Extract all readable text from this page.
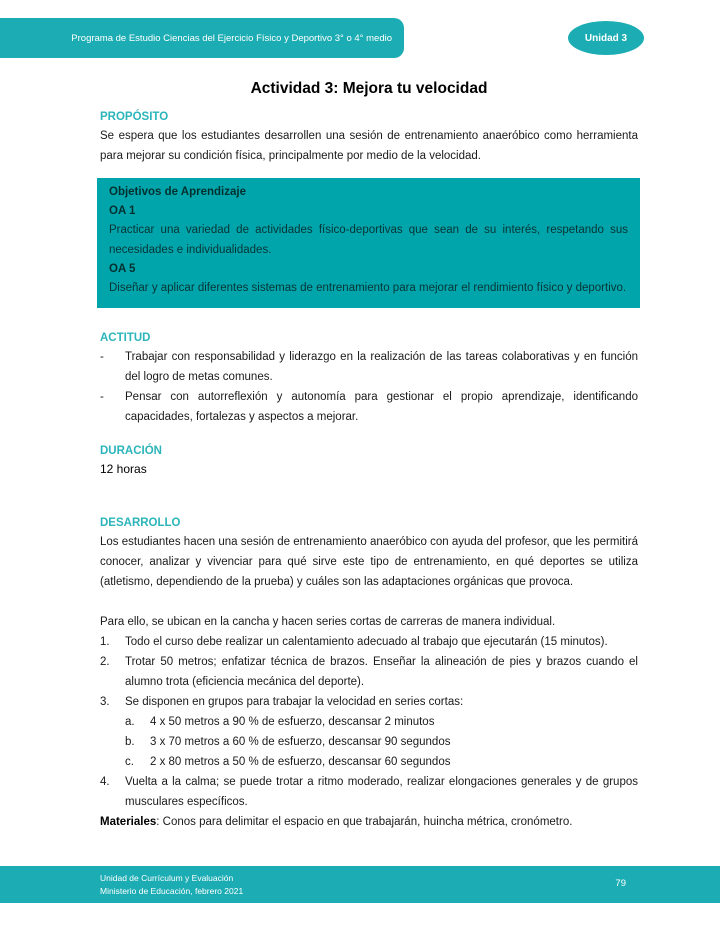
Programa de Estudio Ciencias del Ejercicio Físico y Deportivo 3° o 4° medio	Unidad 3
Actividad 3: Mejora tu velocidad
PROPÓSITO

Se espera que los estudiantes desarrollen una sesión de entrenamiento anaeróbico como herramienta para mejorar su condición física, principalmente por medio de la velocidad.

Objetivos de Aprendizaje
OA 1

Practicar una variedad de actividades físico-deportivas que sean de su interés, respetando sus necesidades e individualidades.

OA 5

Diseñar y aplicar diferentes sistemas de entrenamiento para mejorar el rendimiento físico y deportivo.

ACTITUD
-	Trabajar con responsabilidad y liderazgo en la realización de las tareas colaborativas y en función del logro de metas comunes.
-	Pensar con autorreflexión y autonomía para gestionar el propio aprendizaje, identificando capacidades, fortalezas y aspectos a mejorar.
DURACIÓN
12 horas
DESARROLLO

Los estudiantes hacen una sesión de entrenamiento anaeróbico con ayuda del profesor, que les permitirá conocer, analizar y vivenciar para qué sirve este tipo de entrenamiento, en qué deportes se utiliza (atletismo, dependiendo de la prueba) y cuáles son las adaptaciones orgánicas que provoca.

Para ello, se ubican en la cancha y hacen series cortas de carreras de manera individual.

1.	Todo el curso debe realizar un calentamiento adecuado al trabajo que ejecutarán (15 minutos).
2.	Trotar 50 metros; enfatizar técnica de brazos. Enseñar la alineación de pies y brazos cuando el alumno trota (eficiencia mecánica del deporte).
3.	Se disponen en grupos para trabajar la velocidad en series cortas:
a.	4 x 50 metros a 90 % de esfuerzo, descansar 2 minutos
b.	3 x 70 metros a 60 % de esfuerzo, descansar 90 segundos
c.	2 x 80 metros a 50 % de esfuerzo, descansar 60 segundos
4.	Vuelta a la calma; se puede trotar a ritmo moderado, realizar elongaciones generales y de grupos musculares específicos.

Materiales: Conos para delimitar el espacio en que trabajarán, huincha métrica, cronómetro.

Unidad de Currículum y Evaluación
Ministerio de Educación, febrero 2021
79
